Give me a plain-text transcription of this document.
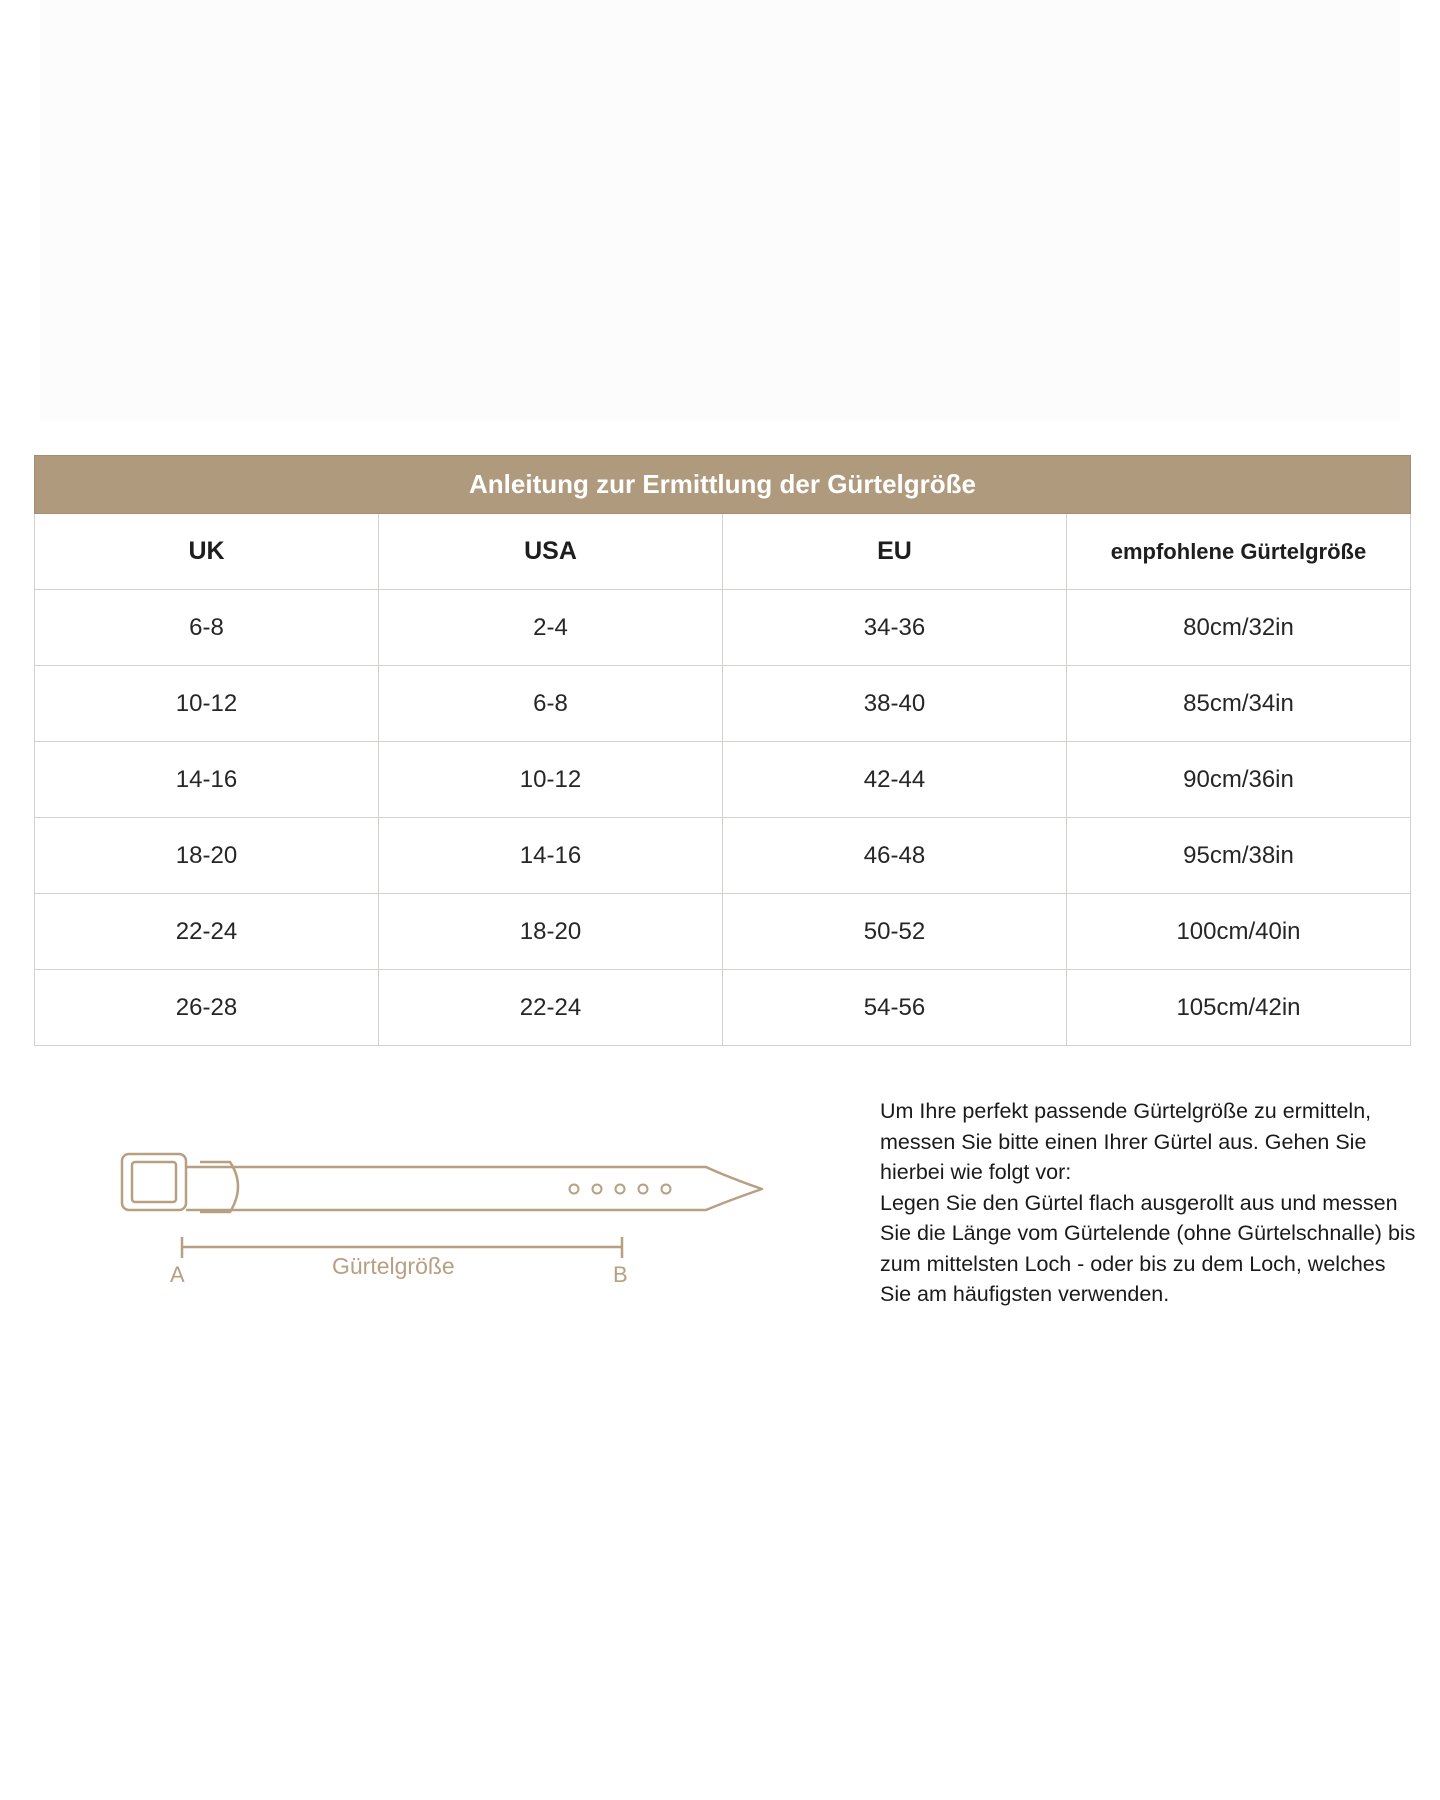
Anleitung zur Ermittlung der Gürtelgröße			
UK	USA	EU	empfohlene Gürtelgröße
6-8	2-4	34-36	80cm/32in
10-12	6-8	38-40	85cm/34in
14-16	10-12	42-44	90cm/36in
18-20	14-16	46-48	95cm/38in
22-24	18-20	50-52	100cm/40in
26-28	22-24	54-56	105cm/42in
A	Gürtelgröße	B

Um Ihre perfekt passende Gürtelgröße zu ermitteln, messen Sie bitte einen Ihrer Gürtel aus. Gehen Sie hierbei wie folgt vor:

Legen Sie den Gürtel flach ausgerollt aus und messen Sie die Länge vom Gürtelende (ohne Gürtelschnalle) bis zum mittelsten Loch - oder bis zu dem Loch, welches Sie am häufigsten verwenden.
